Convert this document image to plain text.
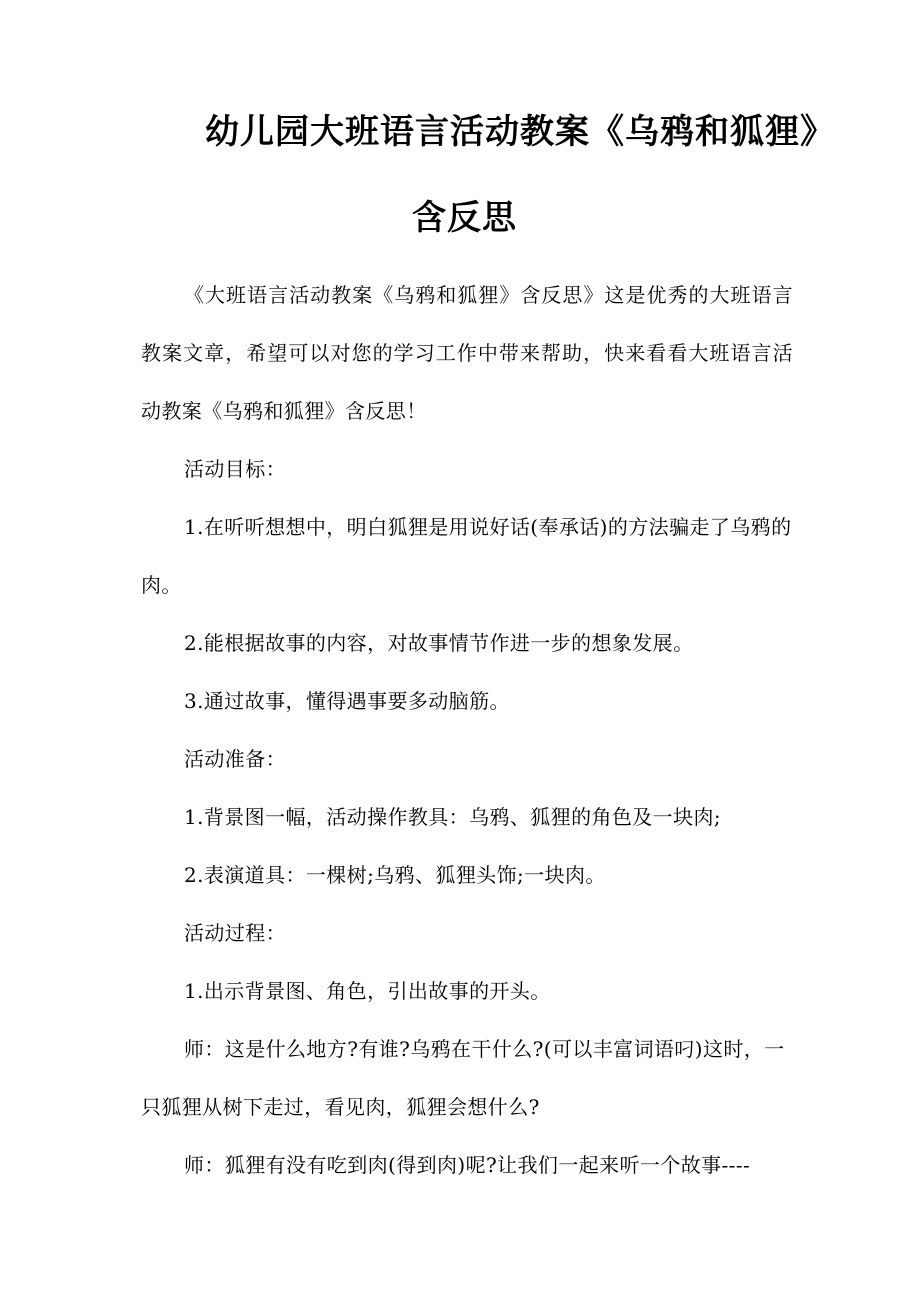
幼儿园大班语言活动教案《乌鸦和狐狸》
含反思

《大班语言活动教案《乌鸦和狐狸》含反思》这是优秀的大班语言教案文章，希望可以对您的学习工作中带来帮助，快来看看大班语言活动教案《乌鸦和狐狸》含反思！

活动目标：

1.在听听想想中，明白狐狸是用说好话(奉承话)的方法骗走了乌鸦的肉。

2.能根据故事的内容，对故事情节作进一步的想象发展。

3.通过故事，懂得遇事要多动脑筋。

活动准备：

1.背景图一幅，活动操作教具：乌鸦、狐狸的角色及一块肉;

2.表演道具：一棵树;乌鸦、狐狸头饰;一块肉。

活动过程：

1.出示背景图、角色，引出故事的开头。

师：这是什么地方?有谁?乌鸦在干什么?(可以丰富词语叼)这时，一只狐狸从树下走过，看见肉，狐狸会想什么?

师：狐狸有没有吃到肉(得到肉)呢?让我们一起来听一个故事----
